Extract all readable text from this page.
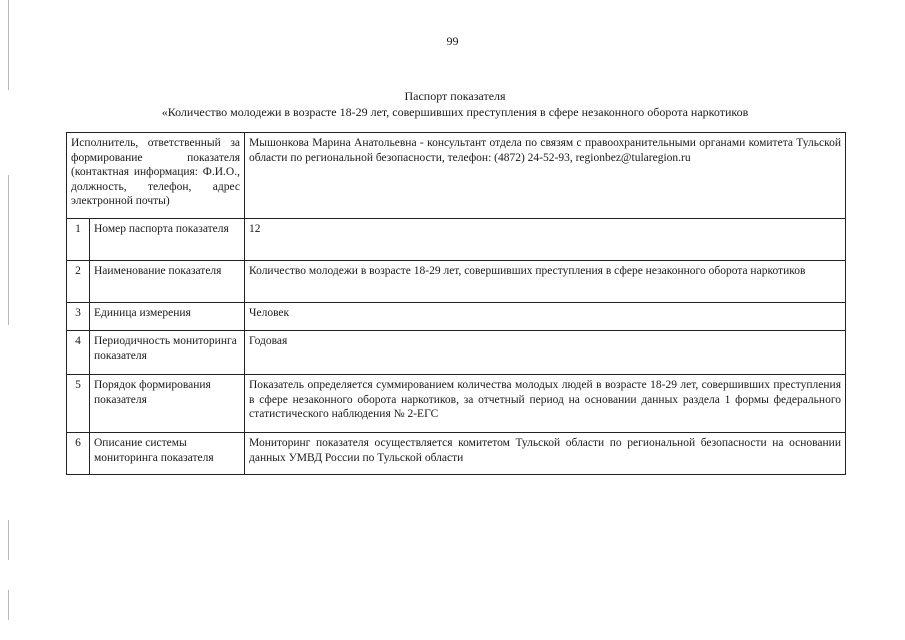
99
Паспорт показателя
«Количество молодежи в возрасте 18-29 лет, совершивших преступления в сфере незаконного оборота наркотиков
Исполнитель, ответственный за формирование показателя (контактная информация: Ф.И.О., должность, телефон, адрес электронной почты)		Мышонкова Марина Анатольевна - консультант отдела по связям с правоохранительными органами комитета Тульской области по региональной безопасности, телефон: (4872) 24-52-93, regionbez@tularegion.ru
1	Номер паспорта показателя	12
2	Наименование показателя	Количество молодежи в возрасте 18-29 лет, совершивших преступления в сфере незаконного оборота наркотиков
3	Единица измерения	Человек
4	Периодичность мониторинга показателя	Годовая
5	Порядок формирования показателя	Показатель определяется суммированием количества молодых людей в возрасте 18-29 лет, совершивших преступления в сфере незаконного оборота наркотиков, за отчетный период на основании данных раздела 1 формы федерального статистического наблюдения № 2-ЕГС
6	Описание системы мониторинга показателя	Мониторинг показателя осуществляется комитетом Тульской области по региональной безопасности на основании данных УМВД России по Тульской области
